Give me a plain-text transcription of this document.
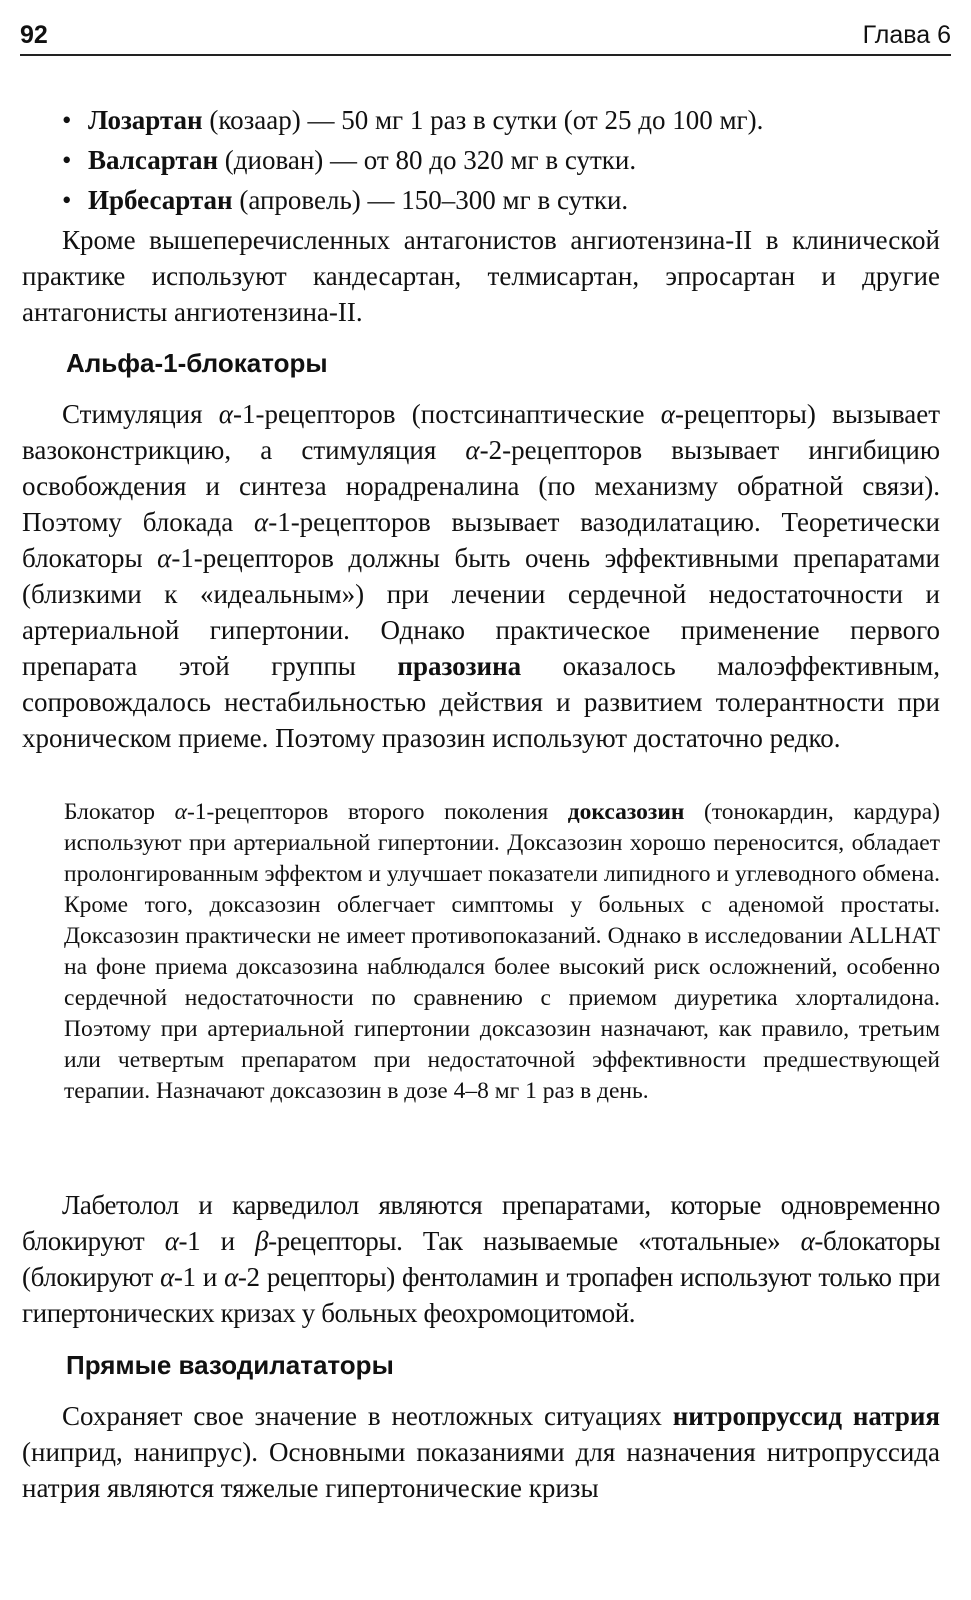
92	Глава 6
• Лозартан (козаар) — 50 мг 1 раз в сутки (от 25 до 100 мг).
• Валсартан (диован) — от 80 до 320 мг в сутки.
• Ирбесартан (апровель) — 150–300 мг в сутки.

Кроме вышеперечисленных антагонистов ангиотензина-II в клинической практике используют кандесартан, телмисартан, эпросартан и другие антагонисты ангиотензина-II.

Альфа-1-блокаторы

Стимуляция α-1-рецепторов (постсинаптические α-рецепторы) вызывает вазоконстрикцию, а стимуляция α-2-рецепторов вызывает ингибицию освобождения и синтеза норадреналина (по механизму обратной связи). Поэтому блокада α-1-рецепторов вызывает вазодилатацию. Теоретически блокаторы α-1-рецепторов должны быть очень эффективными препаратами (близкими к «идеальным») при лечении сердечной недостаточности и артериальной гипертонии. Однако практическое применение первого препарата этой группы празозина оказалось малоэффективным, сопровождалось нестабильностью действия и развитием толерантности при хроническом приеме. Поэтому празозин используют достаточно редко.

Блокатор α-1-рецепторов второго поколения доксазозин (тонокардин, кардура) используют при артериальной гипертонии. Доксазозин хорошо переносится, обладает пролонгированным эффектом и улучшает показатели липидного и углеводного обмена. Кроме того, доксазозин облегчает симптомы у больных с аденомой простаты. Доксазозин практически не имеет противопоказаний. Однако в исследовании ALLHAT на фоне приема доксазозина наблюдался более высокий риск осложнений, особенно сердечной недостаточности по сравнению с приемом диуретика хлорталидона. Поэтому при артериальной гипертонии доксазозин назначают, как правило, третьим или четвертым препаратом при недостаточной эффективности предшествующей терапии. Назначают доксазозин в дозе 4–8 мг 1 раз в день.

Лабетолол и карведилол являются препаратами, которые одновременно блокируют α-1 и β-рецепторы. Так называемые «тотальные» α-блокаторы (блокируют α-1 и α-2 рецепторы) фентоламин и тропафен используют только при гипертонических кризах у больных феохромоцитомой.

Прямые вазодилататоры

Сохраняет свое значение в неотложных ситуациях нитропруссид натрия (ниприд, нанипрус). Основными показаниями для назначения нитропруссида натрия являются тяжелые гипертонические кризы
